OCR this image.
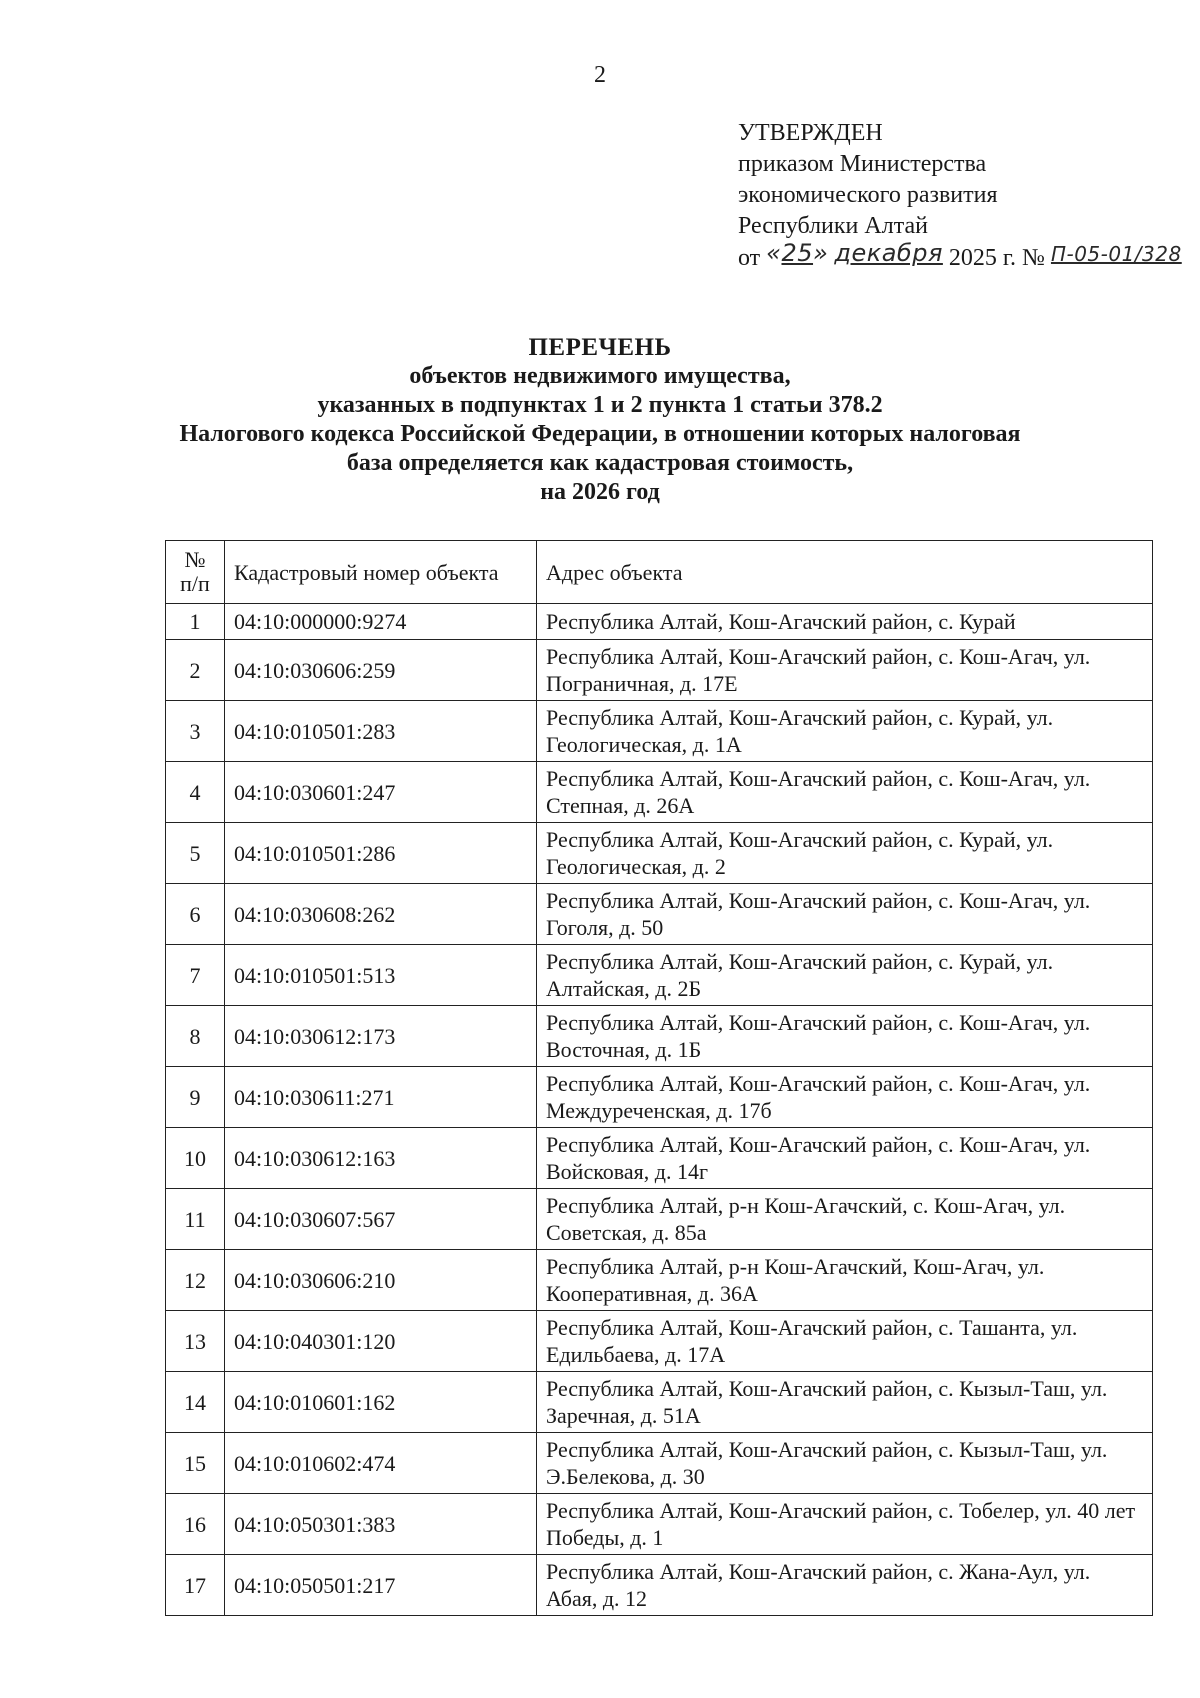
2
УТВЕРЖДЕН
приказом Министерства
экономического развития
Республики Алтай
от «25» декабря 2025 г. № П-05-01/328
ПЕРЕЧЕНЬ
объектов недвижимого имущества,
указанных в подпунктах 1 и 2 пункта 1 статьи 378.2
Налогового кодекса Российской Федерации, в отношении которых налоговая
база определяется как кадастровая стоимость,
на 2026 год
№
п/п	Кадастровый номер объекта	Адрес объекта
1	04:10:000000:9274	Республика Алтай, Кош-Агачский район, с. Курай
2	04:10:030606:259	Республика Алтай, Кош-Агачский район, с. Кош-Агач, ул. Пограничная, д. 17Е
3	04:10:010501:283	Республика Алтай, Кош-Агачский район, с. Курай, ул. Геологическая, д. 1А
4	04:10:030601:247	Республика Алтай, Кош-Агачский район, с. Кош-Агач, ул. Степная, д. 26А
5	04:10:010501:286	Республика Алтай, Кош-Агачский район, с. Курай, ул. Геологическая, д. 2
6	04:10:030608:262	Республика Алтай, Кош-Агачский район, с. Кош-Агач, ул. Гоголя, д. 50
7	04:10:010501:513	Республика Алтай, Кош-Агачский район, с. Курай, ул. Алтайская, д. 2Б
8	04:10:030612:173	Республика Алтай, Кош-Агачский район, с. Кош-Агач, ул. Восточная, д. 1Б
9	04:10:030611:271	Республика Алтай, Кош-Агачский район, с. Кош-Агач, ул. Междуреченская, д. 17б
10	04:10:030612:163	Республика Алтай, Кош-Агачский район, с. Кош-Агач, ул. Войсковая, д. 14г
11	04:10:030607:567	Республика Алтай, р-н Кош-Агачский, с. Кош-Агач, ул. Советская, д. 85а
12	04:10:030606:210	Республика Алтай, р-н Кош-Агачский, Кош-Агач, ул. Кооперативная, д. 36А
13	04:10:040301:120	Республика Алтай, Кош-Агачский район, с. Ташанта, ул. Едильбаева, д. 17А
14	04:10:010601:162	Республика Алтай, Кош-Агачский район, с. Кызыл-Таш, ул. Заречная, д. 51А
15	04:10:010602:474	Республика Алтай, Кош-Агачский район, с. Кызыл-Таш, ул. Э.Белекова, д. 30
16	04:10:050301:383	Республика Алтай, Кош-Агачский район, с. Тобелер, ул. 40 лет Победы, д. 1
17	04:10:050501:217	Республика Алтай, Кош-Агачский район, с. Жана-Аул, ул. Абая, д. 12
